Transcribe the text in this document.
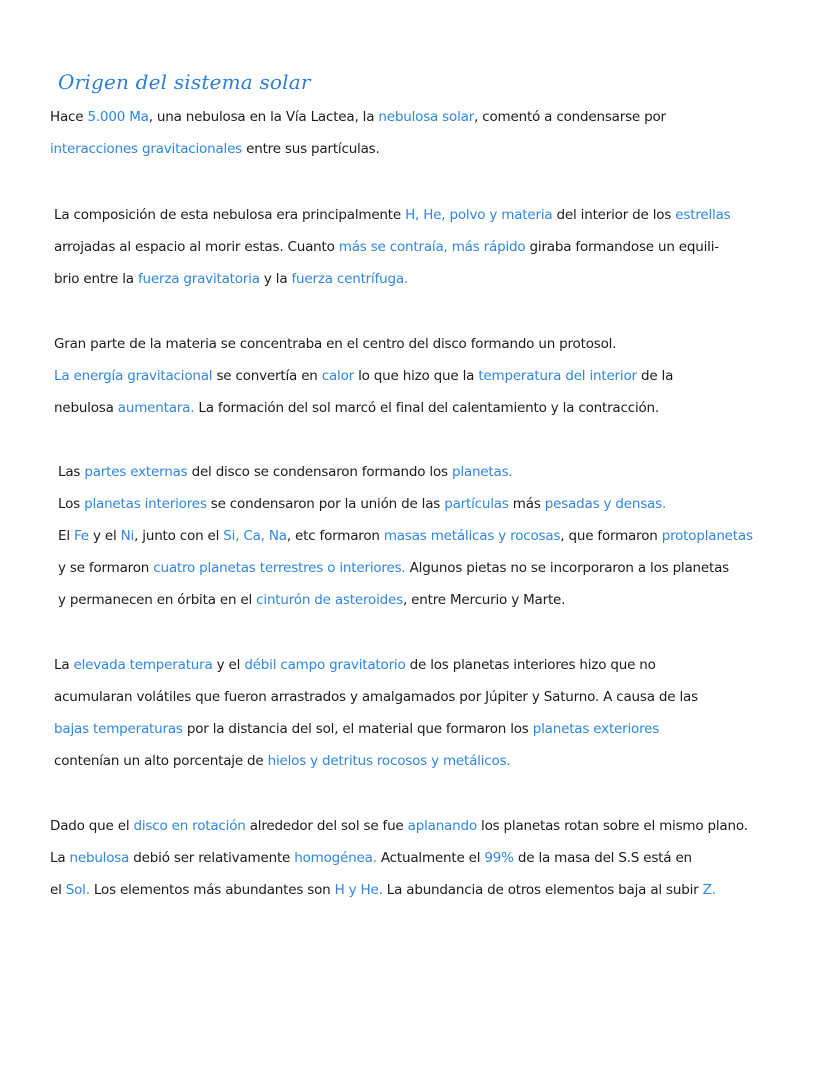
Origen del sistema solar
Hace 5.000 Ma, una nebulosa en la Vía Lactea, la nebulosa solar, comentó a condensarse por
interacciones gravitacionales entre sus partículas.
La composición de esta nebulosa era principalmente H, He, polvo y materia del interior de los estrellas
arrojadas al espacio al morir estas. Cuanto más se contraía, más rápido giraba formandose un equili-
brio entre la fuerza gravitatoria y la fuerza centrífuga.
Gran parte de la materia se concentraba en el centro del disco formando un protosol.
La energía gravitacional se convertía en calor lo que hizo que la temperatura del interior de la
nebulosa aumentara. La formación del sol marcó el final del calentamiento y la contracción.
Las partes externas del disco se condensaron formando los planetas.
Los planetas interiores se condensaron por la unión de las partículas más pesadas y densas.
El Fe y el Ni, junto con el Si, Ca, Na, etc formaron masas metálicas y rocosas, que formaron protoplanetas
y se formaron cuatro planetas terrestres o interiores. Algunos pietas no se incorporaron a los planetas
y permanecen en órbita en el cinturón de asteroides, entre Mercurio y Marte.
La elevada temperatura y el débil campo gravitatorio de los planetas interiores hizo que no
acumularan volátiles que fueron arrastrados y amalgamados por Júpiter y Saturno. A causa de las
bajas temperaturas por la distancia del sol, el material que formaron los planetas exteriores
contenían un alto porcentaje de hielos y detritus rocosos y metálicos.
Dado que el disco en rotación alrededor del sol se fue aplanando los planetas rotan sobre el mismo plano.
La nebulosa debió ser relativamente homogénea. Actualmente el 99% de la masa del S.S está en
el Sol. Los elementos más abundantes son H y He. La abundancia de otros elementos baja al subir Z.
